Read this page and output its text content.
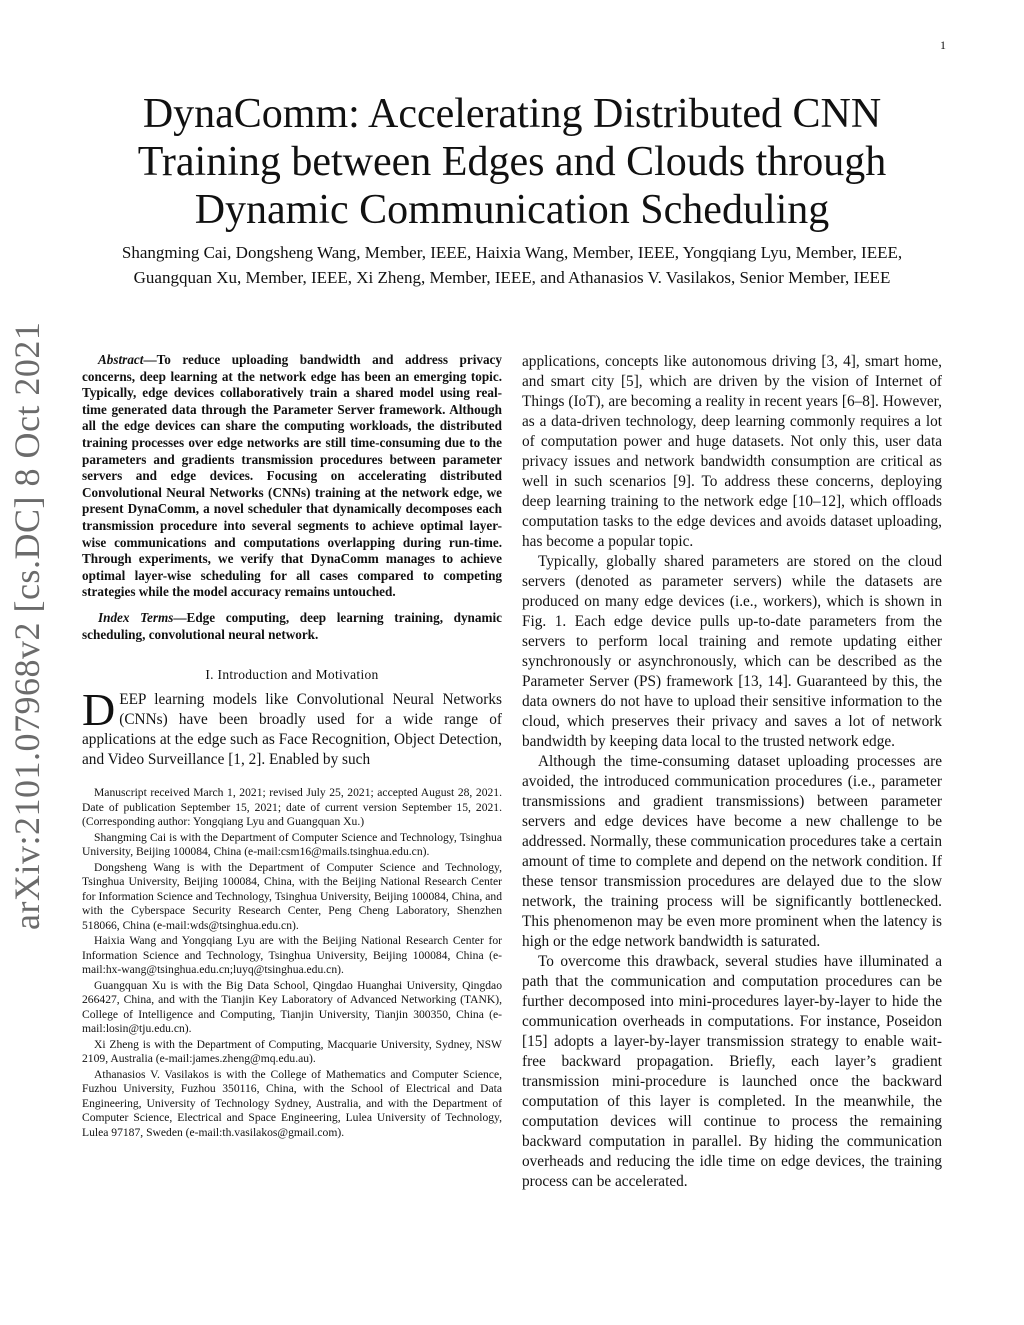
1
arXiv:2101.07968v2 [cs.DC] 8 Oct 2021
DynaComm: Accelerating Distributed CNN
Training between Edges and Clouds through
Dynamic Communication Scheduling
Shangming Cai, Dongsheng Wang, Member, IEEE, Haixia Wang, Member, IEEE, Yongqiang Lyu, Member, IEEE,
Guangquan Xu, Member, IEEE, Xi Zheng, Member, IEEE, and Athanasios V. Vasilakos, Senior Member, IEEE

Abstract—To reduce uploading bandwidth and address privacy concerns, deep learning at the network edge has been an emerging topic. Typically, edge devices collaboratively train a shared model using real-time generated data through the Parameter Server framework. Although all the edge devices can share the computing workloads, the distributed training processes over edge networks are still time-consuming due to the parameters and gradients transmission procedures between parameter servers and edge devices. Focusing on accelerating distributed Convolutional Neural Networks (CNNs) training at the network edge, we present DynaComm, a novel scheduler that dynamically decomposes each transmission procedure into several segments to achieve optimal layer-wise communications and computations overlapping during run-time. Through experiments, we verify that DynaComm manages to achieve optimal layer-wise scheduling for all cases compared to competing strategies while the model accuracy remains untouched.

Index Terms—Edge computing, deep learning training, dynamic scheduling, convolutional neural network.

I. Introduction and Motivation

DEEP learning models like Convolutional Neural Networks (CNNs) have been broadly used for a wide range of applications at the edge such as Face Recognition, Object Detection, and Video Surveillance [1, 2]. Enabled by such

Manuscript received March 1, 2021; revised July 25, 2021; accepted August 28, 2021. Date of publication September 15, 2021; date of current version September 15, 2021. (Corresponding author: Yongqiang Lyu and Guangquan Xu.)

Shangming Cai is with the Department of Computer Science and Technology, Tsinghua University, Beijing 100084, China (e-mail:csm16@mails.tsinghua.edu.cn).

Dongsheng Wang is with the Department of Computer Science and Technology, Tsinghua University, Beijing 100084, China, with the Beijing National Research Center for Information Science and Technology, Tsinghua University, Beijing 100084, China, and with the Cyberspace Security Research Center, Peng Cheng Laboratory, Shenzhen 518066, China (e-mail:wds@tsinghua.edu.cn).

Haixia Wang and Yongqiang Lyu are with the Beijing National Research Center for Information Science and Technology, Tsinghua University, Beijing 100084, China (e-mail:hx-wang@tsinghua.edu.cn;luyq@tsinghua.edu.cn).

Guangquan Xu is with the Big Data School, Qingdao Huanghai University, Qingdao 266427, China, and with the Tianjin Key Laboratory of Advanced Networking (TANK), College of Intelligence and Computing, Tianjin University, Tianjin 300350, China (e-mail:losin@tju.edu.cn).

Xi Zheng is with the Department of Computing, Macquarie University, Sydney, NSW 2109, Australia (e-mail:james.zheng@mq.edu.au).

Athanasios V. Vasilakos is with the College of Mathematics and Computer Science, Fuzhou University, Fuzhou 350116, China, with the School of Electrical and Data Engineering, University of Technology Sydney, Australia, and with the Department of Computer Science, Electrical and Space Engineering, Lulea University of Technology, Lulea 97187, Sweden (e-mail:th.vasilakos@gmail.com).

applications, concepts like autonomous driving [3, 4], smart home, and smart city [5], which are driven by the vision of Internet of Things (IoT), are becoming a reality in recent years [6–8]. However, as a data-driven technology, deep learning commonly requires a lot of computation power and huge datasets. Not only this, user data privacy issues and network bandwidth consumption are critical as well in such scenarios [9]. To address these concerns, deploying deep learning training to the network edge [10–12], which offloads computation tasks to the edge devices and avoids dataset uploading, has become a popular topic.

Typically, globally shared parameters are stored on the cloud servers (denoted as parameter servers) while the datasets are produced on many edge devices (i.e., workers), which is shown in Fig. 1. Each edge device pulls up-to-date parameters from the servers to perform local training and remote updating either synchronously or asynchronously, which can be described as the Parameter Server (PS) framework [13, 14]. Guaranteed by this, the data owners do not have to upload their sensitive information to the cloud, which preserves their privacy and saves a lot of network bandwidth by keeping data local to the trusted network edge.

Although the time-consuming dataset uploading processes are avoided, the introduced communication procedures (i.e., parameter transmissions and gradient transmissions) between parameter servers and edge devices have become a new challenge to be addressed. Normally, these communication procedures take a certain amount of time to complete and depend on the network condition. If these tensor transmission procedures are delayed due to the slow network, the training process will be significantly bottlenecked. This phenomenon may be even more prominent when the latency is high or the edge network bandwidth is saturated.

To overcome this drawback, several studies have illuminated a path that the communication and computation procedures can be further decomposed into mini-procedures layer-by-layer to hide the communication overheads in computations. For instance, Poseidon [15] adopts a layer-by-layer transmission strategy to enable wait-free backward propagation. Briefly, each layer’s gradient transmission mini-procedure is launched once the backward computation of this layer is completed. In the meanwhile, the computation devices will continue to process the remaining backward computation in parallel. By hiding the communication overheads and reducing the idle time on edge devices, the training process can be accelerated.
